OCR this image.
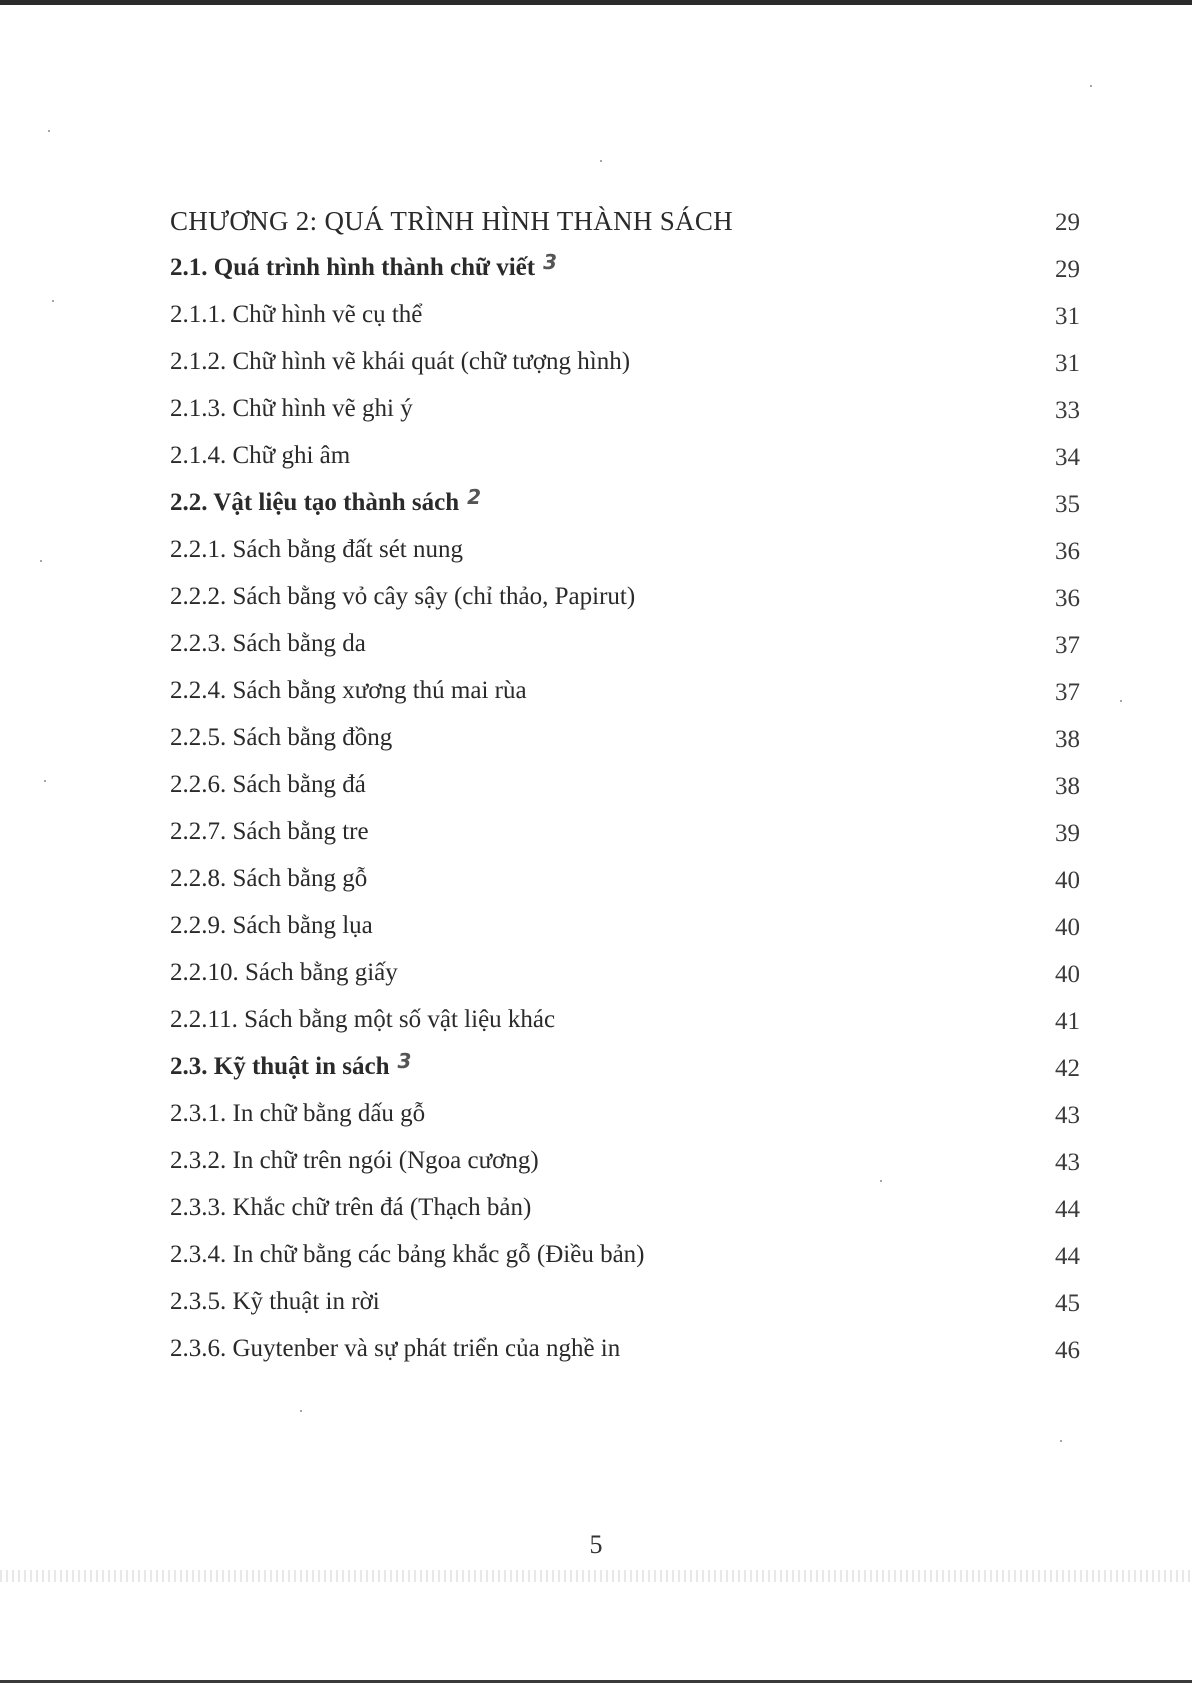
CHƯƠNG 2: QUÁ TRÌNH HÌNH THÀNH SÁCH	29
2.1. Quá trình hình thành chữ viết $^3$	29
2.1.1. Chữ hình vẽ cụ thể	31
2.1.2. Chữ hình vẽ khái quát (chữ tượng hình)	31
2.1.3. Chữ hình vẽ ghi ý	33
2.1.4. Chữ ghi âm	34
2.2. Vật liệu tạo thành sách $^2$	35
2.2.1. Sách bằng đất sét nung	36
2.2.2. Sách bằng vỏ cây sậy (chỉ thảo, Papirut)	36
2.2.3. Sách bằng da	37
2.2.4. Sách bằng xương thú mai rùa	37
2.2.5. Sách bằng đồng	38
2.2.6. Sách bằng đá	38
2.2.7. Sách bằng tre	39
2.2.8. Sách bằng gỗ	40
2.2.9. Sách bằng lụa	40
2.2.10. Sách bằng giấy	40
2.2.11. Sách bằng một số vật liệu khác	41
2.3. Kỹ thuật in sách $^3$	42
2.3.1. In chữ bằng dấu gỗ	43
2.3.2. In chữ trên ngói (Ngoa cương)	43
2.3.3. Khắc chữ trên đá (Thạch bản)	44
2.3.4. In chữ bằng các bảng khắc gỗ (Điều bản)	44
2.3.5. Kỹ thuật in rời	45
2.3.6. Guytenber và sự phát triển của nghề in	46
5
